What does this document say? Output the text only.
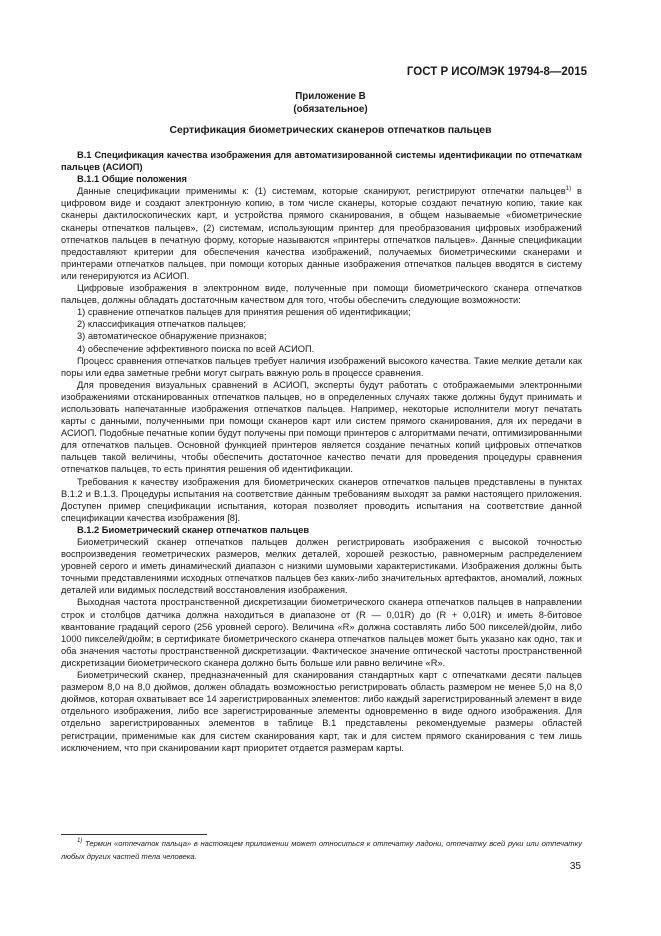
ГОСТ Р ИСО/МЭК 19794-8—2015
Приложение В
(обязательное)
Сертификация биометрических сканеров отпечатков пальцев

В.1 Спецификация качества изображения для автоматизированной системы идентификации по отпечаткам пальцев (АСИОП)

В.1.1 Общие положения

Данные спецификации применимы к: (1) системам, которые сканируют, регистрируют отпечатки пальцев$^{1)}$ в цифровом виде и создают электронную копию, в том числе сканеры, которые создают печатную копию, такие как сканеры дактилоскопических карт, и устройства прямого сканирования, в общем называемые «биометрические сканеры отпечатков пальцев», (2) системам, использующим принтер для преобразования цифровых изображений отпечатков пальцев в печатную форму, которые называются «принтеры отпечатков пальцев». Данные спецификации предоставляют критерии для обеспечения качества изображений, получаемых биометрическими сканерами и принтерами отпечатков пальцев, при помощи которых данные изображения отпечатков пальцев вводятся в систему или генерируются из АСИОП.

Цифровые изображения в электронном виде, полученные при помощи биометрического сканера отпечатков пальцев, должны обладать достаточным качеством для того, чтобы обеспечить следующие возможности:

1) сравнение отпечатков пальцев для принятия решения об идентификации;

2) классификация отпечатков пальцев;

3) автоматическое обнаружение признаков;

4) обеспечение эффективного поиска по всей АСИОП.

Процесс сравнения отпечатков пальцев требует наличия изображений высокого качества. Такие мелкие детали как поры или едва заметные гребни могут сыграть важную роль в процессе сравнения.

Для проведения визуальных сравнений в АСИОП, эксперты будут работать с отображаемыми электронными изображениями отсканированных отпечатков пальцев, но в определенных случаях также должны будут принимать и использовать напечатанные изображения отпечатков пальцев. Например, некоторые исполнители могут печатать карты с данными, полученными при помощи сканеров карт или систем прямого сканирования, для их передачи в АСИОП. Подобные печатные копии будут получены при помощи принтеров с алгоритмами печати, оптимизированными для отпечатков пальцев. Основной функцией принтеров является создание печатных копий цифровых отпечатков пальцев такой величины, чтобы обеспечить достаточное качество печати для проведения процедуры сравнения отпечатков пальцев, то есть принятия решения об идентификации.

Требования к качеству изображения для биометрических сканеров отпечатков пальцев представлены в пунктах В.1.2 и В.1.3. Процедуры испытания на соответствие данным требованиям выходят за рамки настоящего приложения. Доступен пример спецификации испытания, которая позволяет проводить испытания на соответствие данной спецификации качества изображения [8].

В.1.2 Биометрический сканер отпечатков пальцев

Биометрический сканер отпечатков пальцев должен регистрировать изображения с высокой точностью воспроизведения геометрических размеров, мелких деталей, хорошей резкостью, равномерным распределением уровней серого и иметь динамический диапазон с низкими шумовыми характеристиками. Изображения должны быть точными представлениями исходных отпечатков пальцев без каких-либо значительных артефактов, аномалий, ложных деталей или видимых последствий восстановления изображения.

Выходная частота пространственной дискретизации биометрического сканера отпечатков пальцев в направлении строк и столбцов датчика должна находиться в диапазоне от (R — 0,01R) до (R + 0,01R) и иметь 8-битовое квантование градаций серого (256 уровней серого). Величина «R» должна составлять либо 500 пикселей/дюйм, либо 1000 пикселей/дюйм; в сертификате биометрического сканера отпечатков пальцев может быть указано как одно, так и оба значения частоты пространственной дискретизации. Фактическое значение оптической частоты пространственной дискретизации биометрического сканера должно быть больше или равно величине «R».

Биометрический сканер, предназначенный для сканирования стандартных карт с отпечатками десяти пальцев размером 8,0 на 8,0 дюймов, должен обладать возможностью регистрировать область размером не менее 5,0 на 8,0 дюймов, которая охватывает все 14 зарегистрированных элементов: либо каждый зарегистрированный элемент в виде отдельного изображения, либо все зарегистрированные элементы одновременно в виде одного изображения. Для отдельно зарегистрированных элементов в таблице В.1 представлены рекомендуемые размеры областей регистрации, применимые как для систем сканирования карт, так и для систем прямого сканирования с тем лишь исключением, что при сканировании карт приоритет отдается размерам карты.

$^{1)}$ Термин «отпечаток пальца» в настоящем приложении может относиться к отпечатку ладони, отпечатку всей руки или отпечатку любых других частей тела человека.
35
